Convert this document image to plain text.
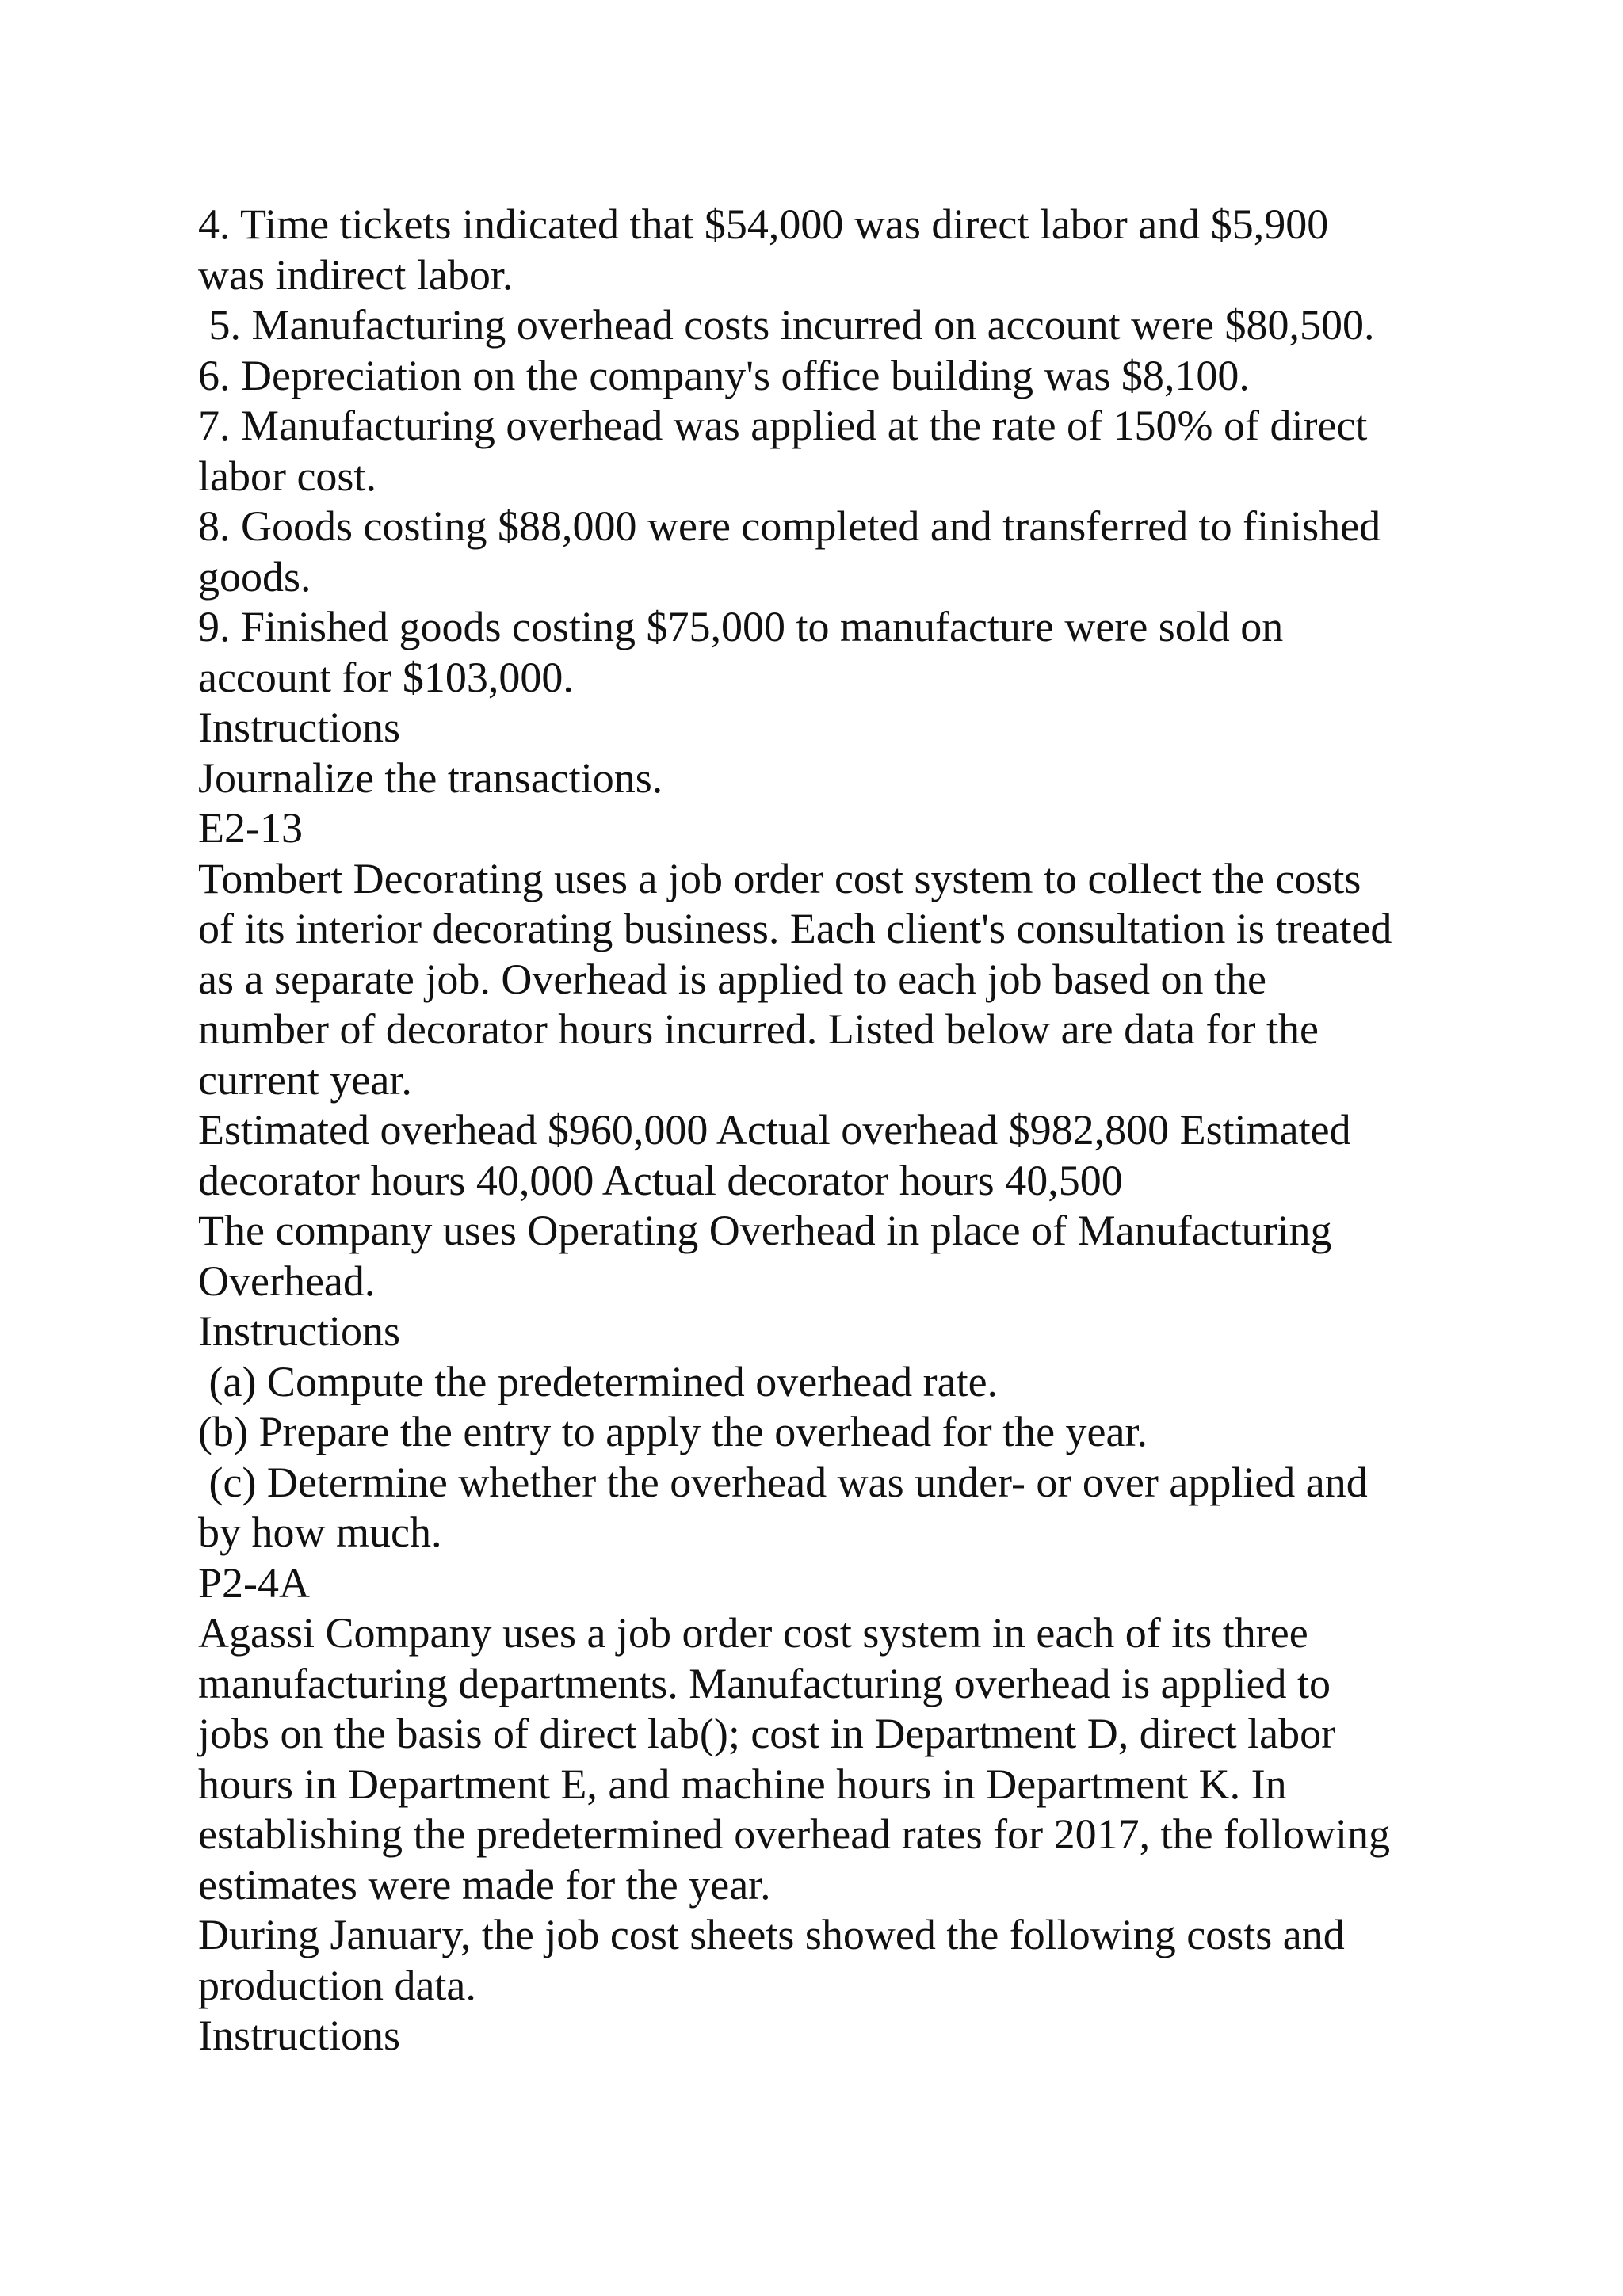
4. Time tickets indicated that $54,000 was direct labor and $5,900
was indirect labor.
5. Manufacturing overhead costs incurred on account were $80,500.
6. Depreciation on the company's office building was $8,100.
7. Manufacturing overhead was applied at the rate of 150% of direct
labor cost.
8. Goods costing $88,000 were completed and transferred to finished
goods.
9. Finished goods costing $75,000 to manufacture were sold on
account for $103,000.
Instructions
Journalize the transactions.
E2-13
Tombert Decorating uses a job order cost system to collect the costs
of its interior decorating business. Each client's consultation is treated
as a separate job. Overhead is applied to each job based on the
number of decorator hours incurred. Listed below are data for the
current year.
Estimated overhead $960,000 Actual overhead $982,800 Estimated
decorator hours 40,000 Actual decorator hours 40,500
The company uses Operating Overhead in place of Manufacturing
Overhead.
Instructions
(a) Compute the predetermined overhead rate.
(b) Prepare the entry to apply the overhead for the year.
(c) Determine whether the overhead was under- or over applied and
by how much.
P2-4A
Agassi Company uses a job order cost system in each of its three
manufacturing departments. Manufacturing overhead is applied to
jobs on the basis of direct lab(); cost in Department D, direct labor
hours in Department E, and machine hours in Department K. In
establishing the predetermined overhead rates for 2017, the following
estimates were made for the year.
During January, the job cost sheets showed the following costs and
production data.
Instructions
